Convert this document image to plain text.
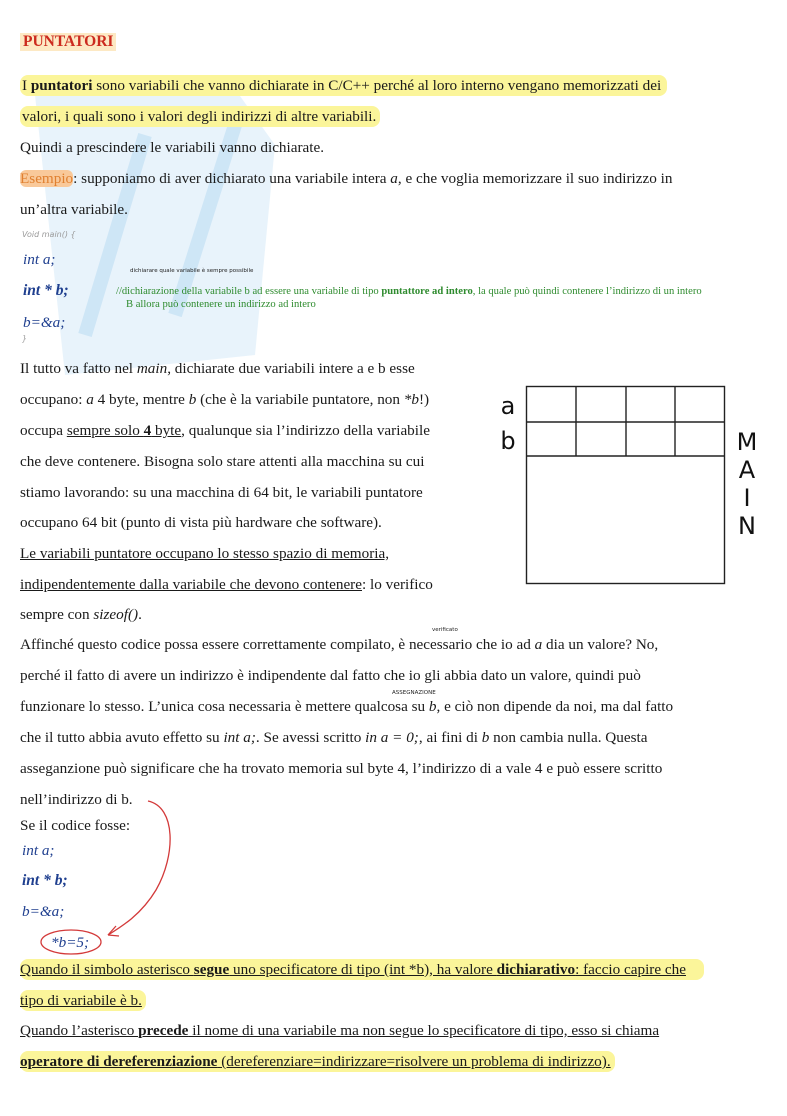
PUNTATORI
I puntatori sono variabili che vanno dichiarate in C/C++ perché al loro interno vengano memorizzati dei
valori, i quali sono i valori degli indirizzi di altre variabili.
Quindi a prescindere le variabili vanno dichiarate.
Esempio: supponiamo di aver dichiarato una variabile intera a, e che voglia memorizzare il suo indirizzo in
un’altra variabile.
Void main() {
int a;
int * b;
b=&a;
}
dichiarare quale variabile è sempre possibile
//dichiarazione della variabile b ad essere una variabile di tipo puntattore ad intero, la quale può quindi contenere l’indirizzo di un intero
B allora può contenere un indirizzo ad intero
Il tutto va fatto nel main, dichiarate due variabili intere a e b esse
occupano: a 4 byte, mentre b (che è la variabile puntatore, non *b!)
occupa sempre solo 4 byte, qualunque sia l’indirizzo della variabile
che deve contenere. Bisogna solo stare attenti alla macchina su cui
stiamo lavorando: su una macchina di 64 bit, le variabili puntatore
occupano 64 bit (punto di vista più hardware che software).
Le variabili puntatore occupano lo stesso spazio di memoria,
indipendentemente dalla variabile che devono contenere: lo verifico
sempre con sizeof().
a
b	M
A
I
N
verificato
Affinché questo codice possa essere correttamente compilato, è necessario che io ad a dia un valore? No,
perché il fatto di avere un indirizzo è indipendente dal fatto che io gli abbia dato un valore, quindi può
ASSEGNAZIONE
funzionare lo stesso. L’unica cosa necessaria è mettere qualcosa su b, e ciò non dipende da noi, ma dal fatto
che il tutto abbia avuto effetto su int a;. Se avessi scritto in a = 0;, ai fini di b non cambia nulla. Questa
asseganzione può significare che ha trovato memoria sul byte 4, l’indirizzo di a vale 4 e può essere scritto
nell’indirizzo di b.
Se il codice fosse:
int a;
int * b;
b=&a;
*b=5;
Quando il simbolo asterisco segue uno specificatore di tipo (int *b), ha valore dichiarativo: faccio capire che
tipo di variabile è b.
Quando l’asterisco precede il nome di una variabile ma non segue lo specificatore di tipo, esso si chiama
operatore di dereferenziazione (dereferenziare=indirizzare=risolvere un problema di indirizzo).
